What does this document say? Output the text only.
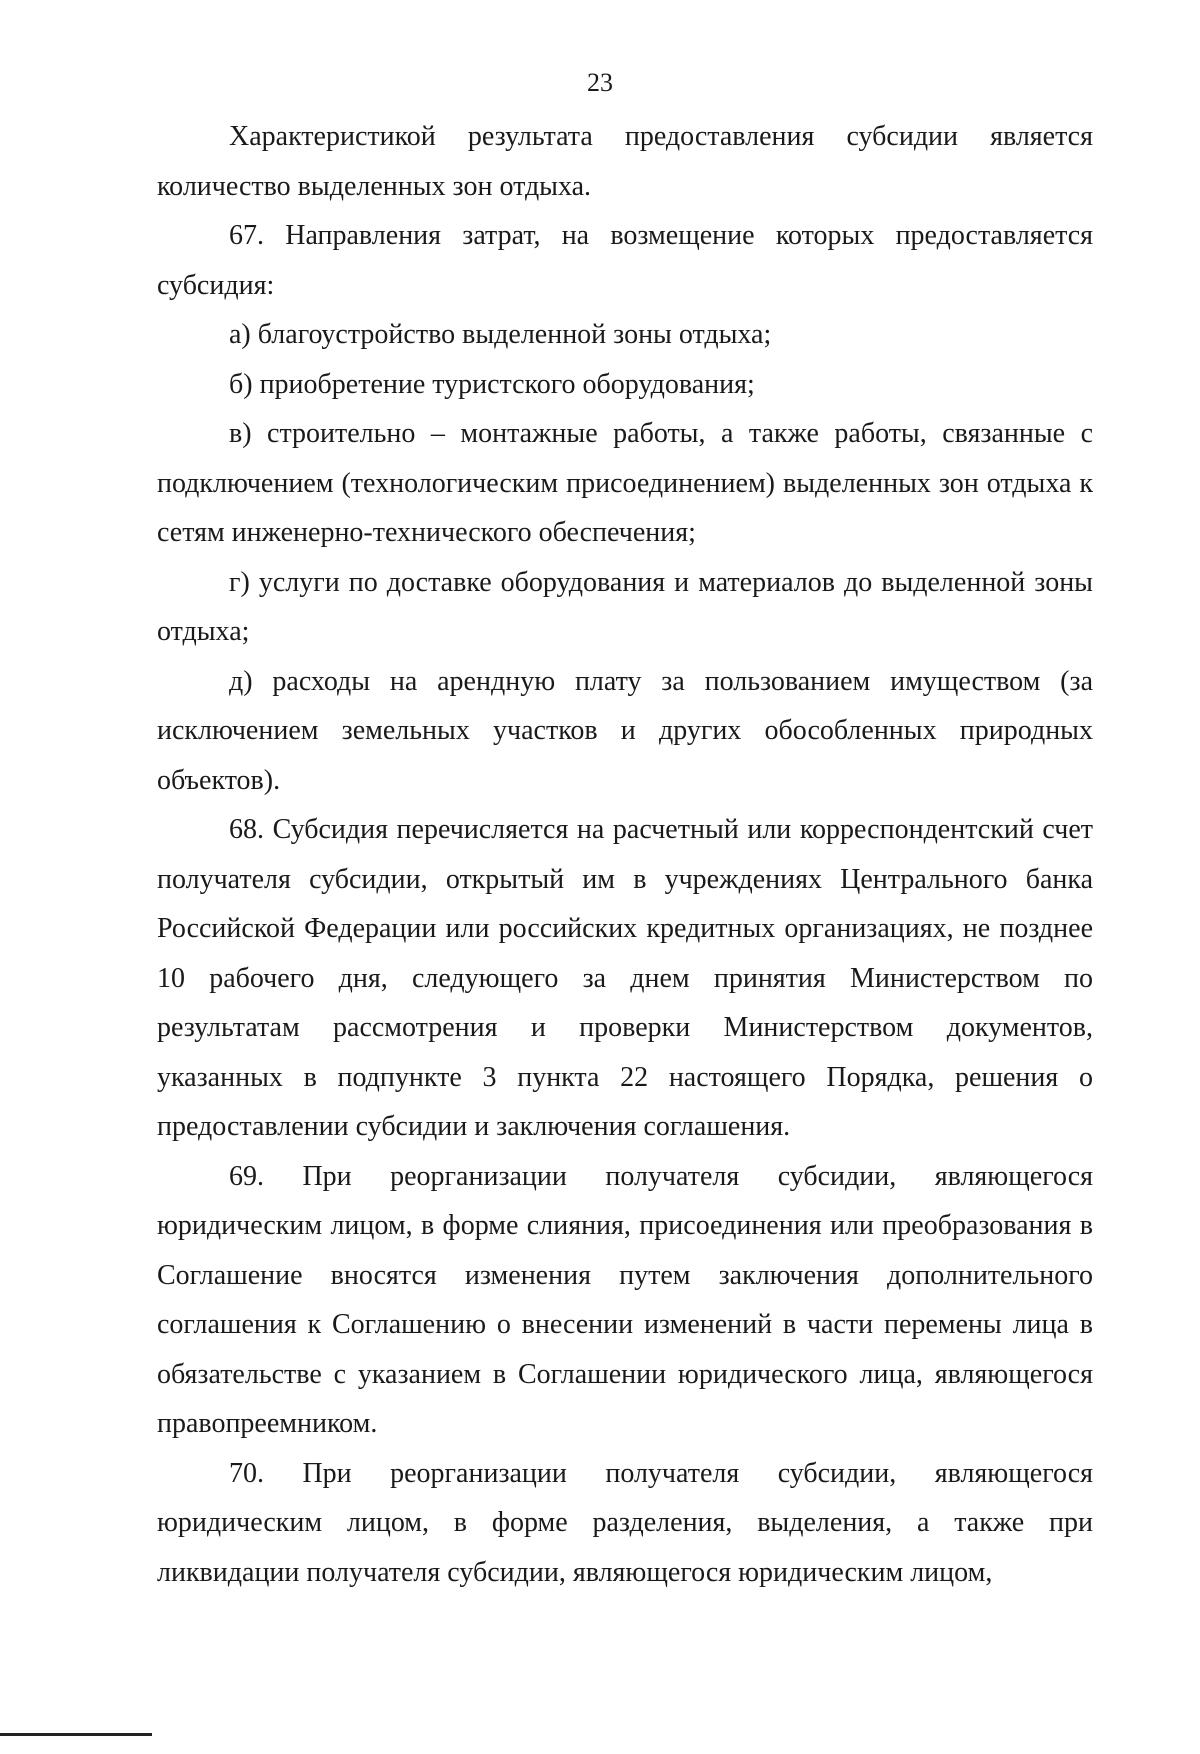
23

Характеристикой результата предоставления субсидии является количество выделенных зон отдыха.

67. Направления затрат, на возмещение которых предоставляется субсидия:

а) благоустройство выделенной зоны отдыха;

б) приобретение туристского оборудования;

в) строительно – монтажные работы, а также работы, связанные с подключением (технологическим присоединением) выделенных зон отдыха к сетям инженерно-технического обеспечения;

г) услуги по доставке оборудования и материалов до выделенной зоны отдыха;

д) расходы на арендную плату за пользованием имуществом (за исключением земельных участков и других обособленных природных объектов).

68. Субсидия перечисляется на расчетный или корреспондентский счет получателя субсидии, открытый им в учреждениях Центрального банка Российской Федерации или российских кредитных организациях, не позднее 10 рабочего дня, следующего за днем принятия Министерством по результатам рассмотрения и проверки Министерством документов, указанных в подпункте 3 пункта 22 настоящего Порядка, решения о предоставлении субсидии и заключения соглашения.

69. При реорганизации получателя субсидии, являющегося юридическим лицом, в форме слияния, присоединения или преобразования в Соглашение вносятся изменения путем заключения дополнительного соглашения к Соглашению о внесении изменений в части перемены лица в обязательстве с указанием в Соглашении юридического лица, являющегося правопреемником.

70. При реорганизации получателя субсидии, являющегося юридическим лицом, в форме разделения, выделения, а также при ликвидации получателя субсидии, являющегося юридическим лицом,
